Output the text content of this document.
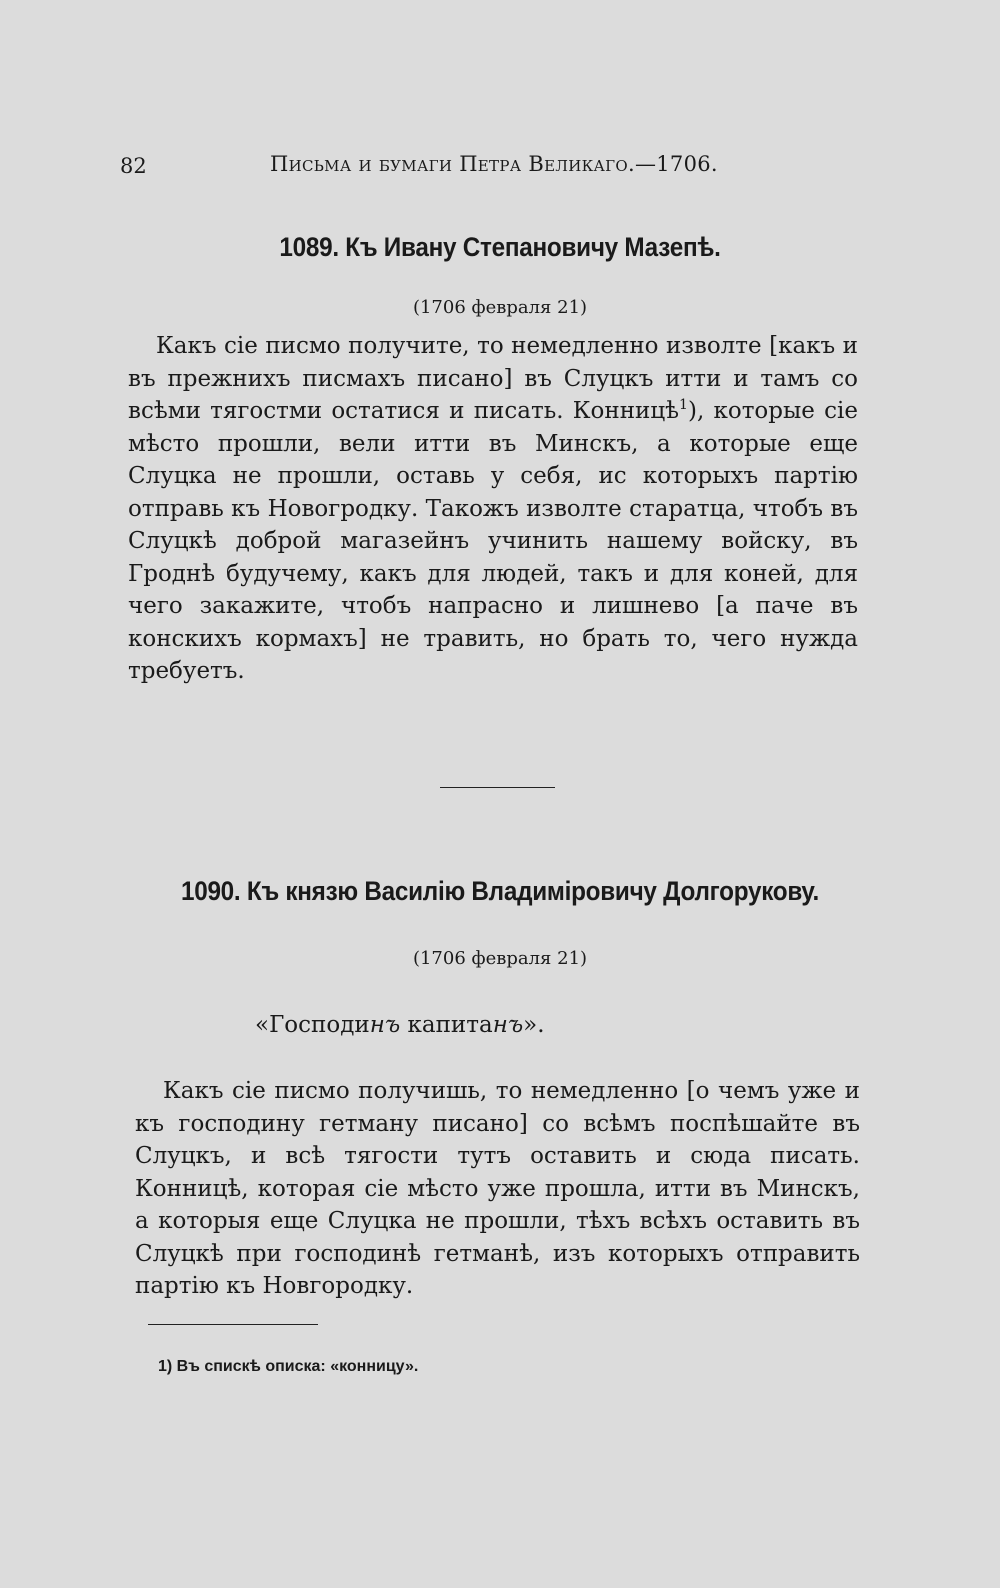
82	Письма и бумаги Петра Великаго.—1706.
1089. Къ Ивану Степановичу Мазепѣ.
(1706 февраля 21)

Какъ сіе писмо получите, то немедленно изволте [какъ и въ прежнихъ писмахъ писано] въ Слуцкъ итти и тамъ со всѣми тягостми остатися и писать. Конницѣ$^1$), которые сіе мѣсто прошли, вели итти въ Минскъ, а которые еще Слуцка не прошли, оставь у себя, ис которыхъ партію отправь къ Новогродку. Такожъ изволте старатца, чтобъ въ Слуцкѣ доброй магазейнъ учинить нашему войску, въ Гроднѣ будучему, какъ для людей, такъ и для коней, для чего закажите, чтобъ напрасно и лишнево [а паче въ конскихъ кормахъ] не травить, но брать то, чего нужда требуетъ.

1090. Къ князю Василію Владиміровичу Долгорукову.
(1706 февраля 21)
«Господинъ капитанъ».

Какъ сіе писмо получишь, то немедленно [о чемъ уже и къ господину гетману писано] со всѣмъ поспѣшайте въ Слуцкъ, и всѣ тягости тутъ оставить и сюда писать. Конницѣ, которая сіе мѣсто уже прошла, итти въ Минскъ, а которыя еще Слуцка не прошли, тѣхъ всѣхъ оставить въ Слуцкѣ при господинѣ гетманѣ, изъ которыхъ отправить партію къ Новгородку.

1) Въ спискѣ описка: «конницу».
